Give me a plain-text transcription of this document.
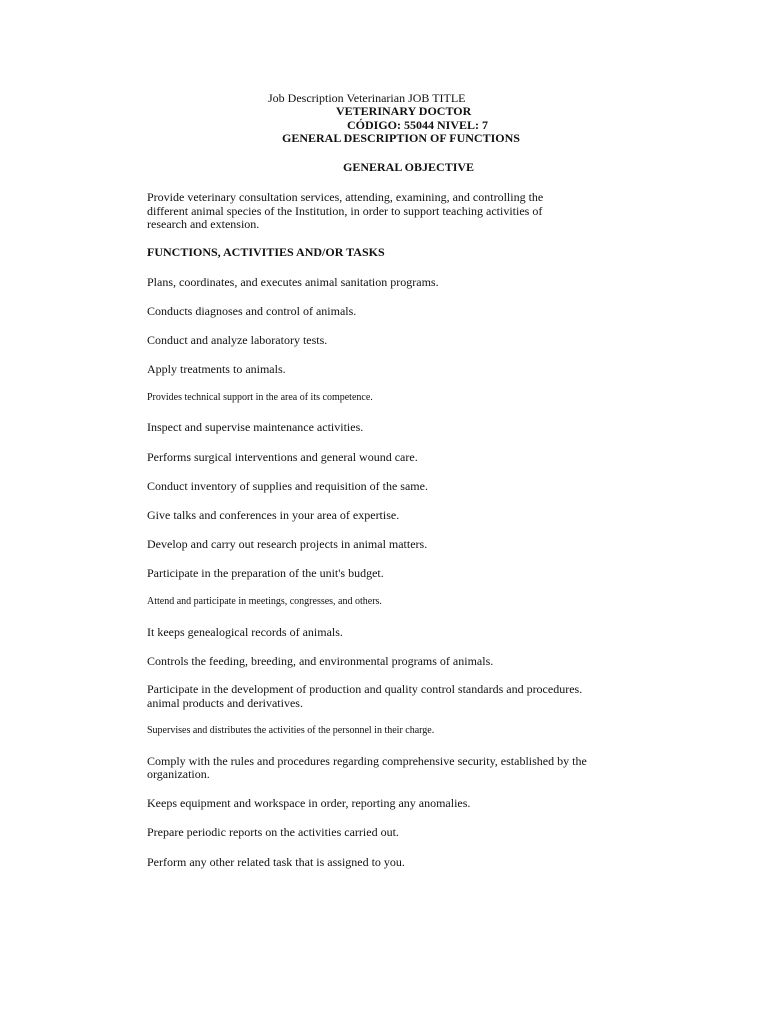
Job Description Veterinarian JOB TITLE
VETERINARY DOCTOR
CÓDIGO: 55044 NIVEL: 7
GENERAL DESCRIPTION OF FUNCTIONS
GENERAL OBJECTIVE
Provide veterinary consultation services, attending, examining, and controlling the
different animal species of the Institution, in order to support teaching activities of
research and extension.
FUNCTIONS, ACTIVITIES AND/OR TASKS
Plans, coordinates, and executes animal sanitation programs.
Conducts diagnoses and control of animals.
Conduct and analyze laboratory tests.
Apply treatments to animals.
Provides technical support in the area of its competence.
Inspect and supervise maintenance activities.
Performs surgical interventions and general wound care.
Conduct inventory of supplies and requisition of the same.
Give talks and conferences in your area of expertise.
Develop and carry out research projects in animal matters.
Participate in the preparation of the unit's budget.
Attend and participate in meetings, congresses, and others.
It keeps genealogical records of animals.
Controls the feeding, breeding, and environmental programs of animals.
Participate in the development of production and quality control standards and procedures.
animal products and derivatives.
Supervises and distributes the activities of the personnel in their charge.
Comply with the rules and procedures regarding comprehensive security, established by the
organization.
Keeps equipment and workspace in order, reporting any anomalies.
Prepare periodic reports on the activities carried out.
Perform any other related task that is assigned to you.
